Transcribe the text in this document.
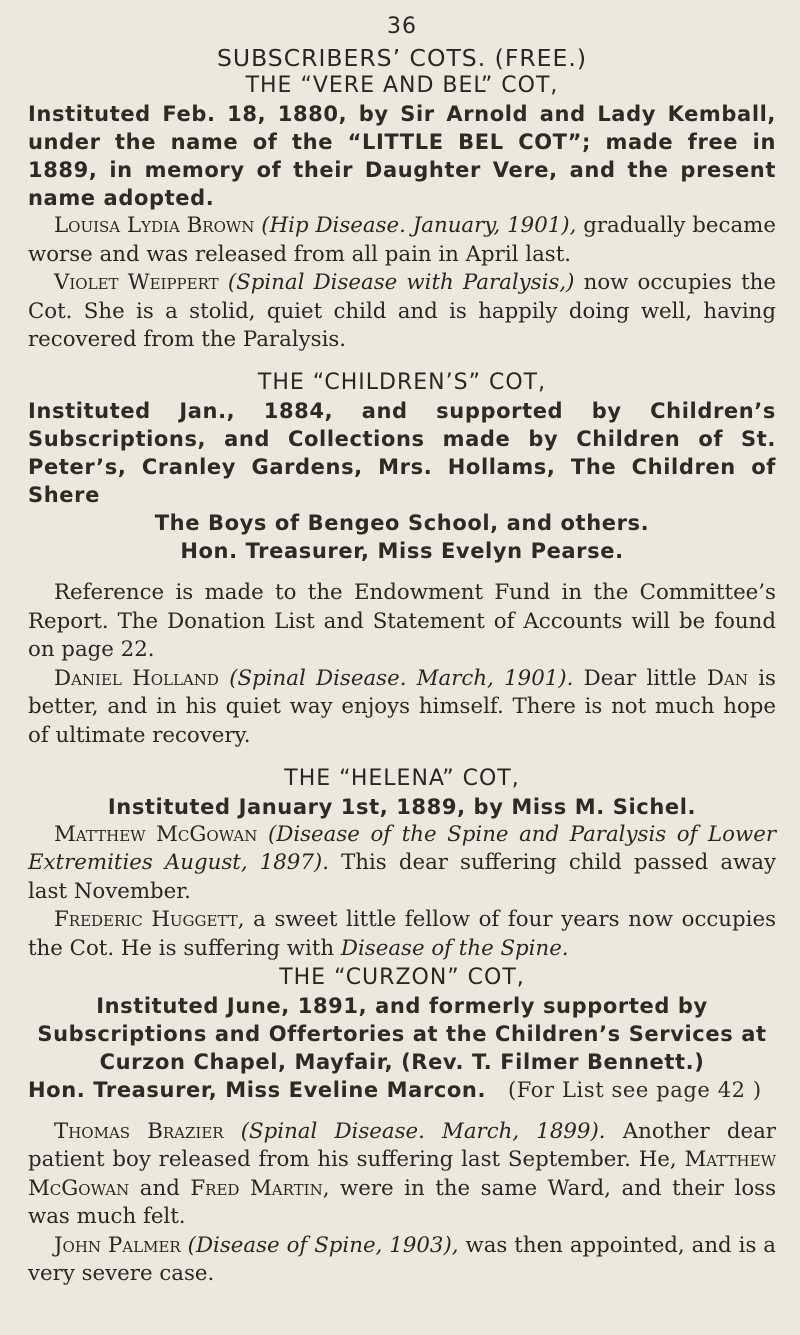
36
SUBSCRIBERS’ COTS. (FREE.)
THE “VERE AND BEL” COT,

Instituted Feb. 18, 1880, by Sir Arnold and Lady Kemball, under the name of the “LITTLE BEL COT”; made free in 1889, in memory of their Daughter Vere, and the present name adopted.

Louisa Lydia Brown (Hip Disease. January, 1901), gradually became worse and was released from all pain in April last.

Violet Weippert (Spinal Disease with Paralysis,) now occupies the Cot. She is a stolid, quiet child and is happily doing well, having recovered from the Paralysis.

THE “CHILDREN’S” COT,

Instituted Jan., 1884, and supported by Children’s Subscriptions, and Collections made by Children of St. Peter’s, Cranley Gardens, Mrs. Hollams, The Children of Shere

The Boys of Bengeo School, and others.

Hon. Treasurer, Miss Evelyn Pearse.

Reference is made to the Endowment Fund in the Committee’s Report. The Donation List and Statement of Accounts will be found on page 22.

Daniel Holland (Spinal Disease. March, 1901). Dear little Dan is better, and in his quiet way enjoys himself. There is not much hope of ultimate recovery.

THE “HELENA” COT,

Instituted January 1st, 1889, by Miss M. Sichel.

Matthew McGowan (Disease of the Spine and Paralysis of Lower Extremities August, 1897). This dear suffering child passed away last November.

Frederic Huggett, a sweet little fellow of four years now occupies the Cot. He is suffering with Disease of the Spine.

THE “CURZON” COT,

Instituted June, 1891, and formerly supported by Subscriptions and Offertories at the Children’s Services at Curzon Chapel, Mayfair, (Rev. T. Filmer Bennett.)

Hon. Treasurer, Miss Eveline Marcon. (For List see page 42 )

Thomas Brazier (Spinal Disease. March, 1899). Another dear patient boy released from his suffering last September. He, Matthew McGowan and Fred Martin, were in the same Ward, and their loss was much felt.

John Palmer (Disease of Spine, 1903), was then appointed, and is a very severe case.
